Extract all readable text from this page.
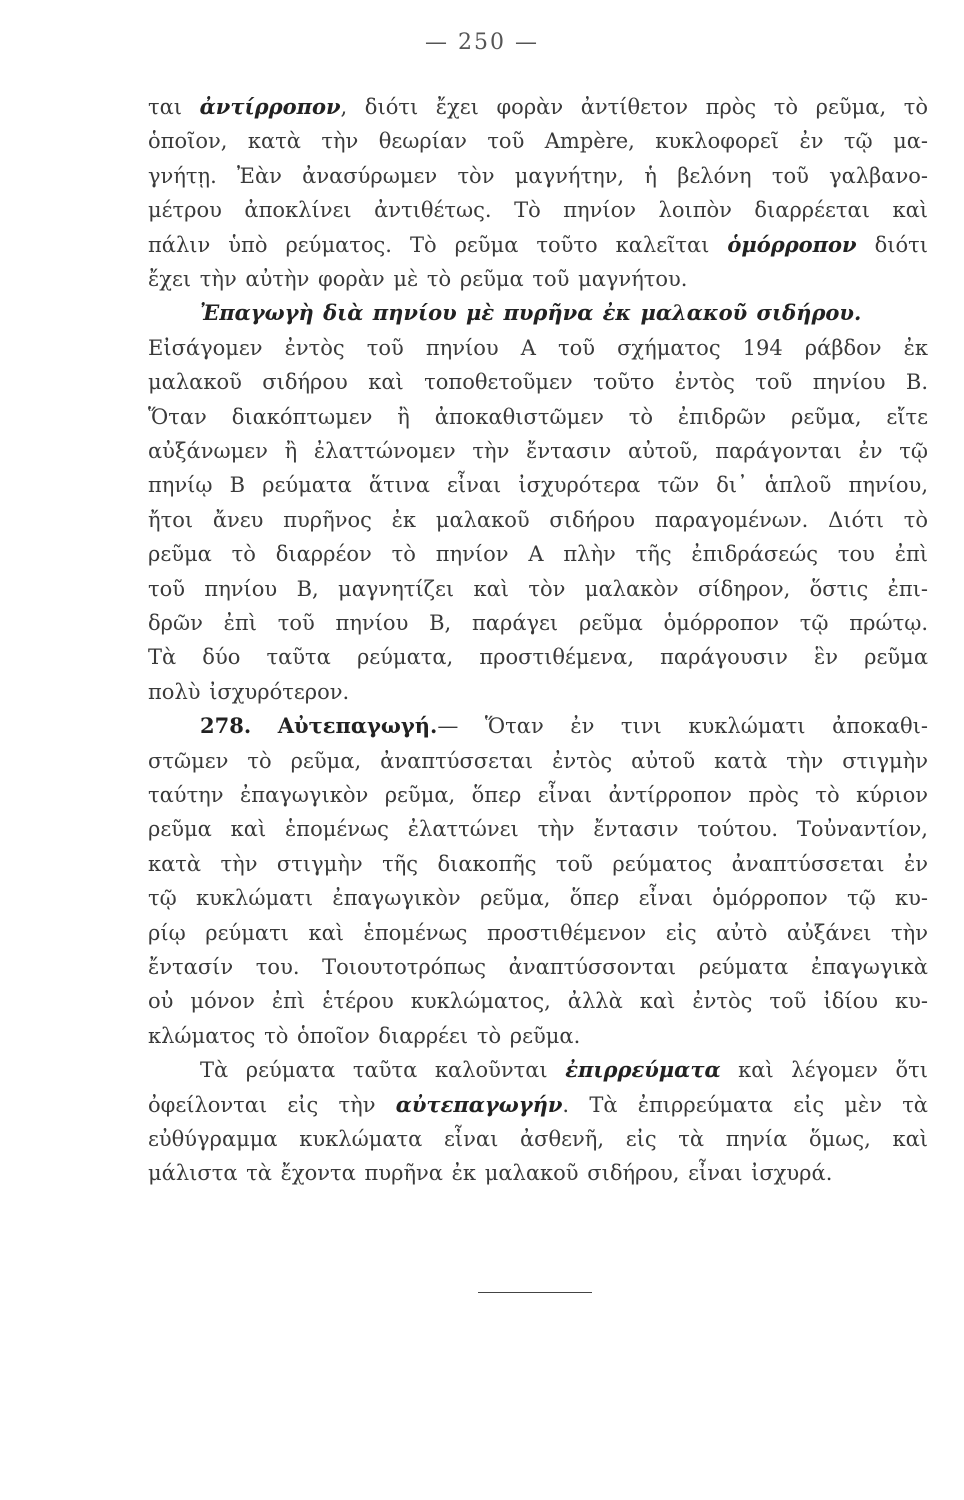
— 250 —
ται ἀντίρροπον, διότι ἔχει φορὰν ἀντίθετον πρὸς τὸ ρεῦμα, τὸ
ὁποῖον, κατὰ τὴν θεωρίαν τοῦ Ampère, κυκλοφορεῖ ἐν τῷ μα-
γνήτῃ. Ἐὰν ἀνασύρωμεν τὸν μαγνήτην, ἡ βελόνη τοῦ γαλβανο-
μέτρου ἀποκλίνει ἀντιθέτως. Τὸ πηνίον λοιπὸν διαρρέεται καὶ
πάλιν ὑπὸ ρεύματος. Τὸ ρεῦμα τοῦτο καλεῖται ὁμόρροπον διότι
ἔχει τὴν αὐτὴν φορὰν μὲ τὸ ρεῦμα τοῦ μαγνήτου.
Ἐπαγωγὴ διὰ πηνίου μὲ πυρῆνα ἐκ μαλακοῦ σιδήρου.
Εἰσάγομεν ἐντὸς τοῦ πηνίου Α τοῦ σχήματος 194 ράβδον ἐκ
μαλακοῦ σιδήρου καὶ τοποθετοῦμεν τοῦτο ἐντὸς τοῦ πηνίου Β.
Ὅταν διακόπτωμεν ἢ ἀποκαθιστῶμεν τὸ ἐπιδρῶν ρεῦμα, εἴτε
αὐξάνωμεν ἢ ἐλαττώνομεν τὴν ἔντασιν αὐτοῦ, παράγονται ἐν τῷ
πηνίῳ Β ρεύματα ἅτινα εἶναι ἰσχυρότερα τῶν δι᾿ ἁπλοῦ πηνίου,
ἤτοι ἄνευ πυρῆνος ἐκ μαλακοῦ σιδήρου παραγομένων. Διότι τὸ
ρεῦμα τὸ διαρρέον τὸ πηνίον Α πλὴν τῆς ἐπιδράσεώς του ἐπὶ
τοῦ πηνίου Β, μαγνητίζει καὶ τὸν μαλακὸν σίδηρον, ὅστις ἐπι-
δρῶν ἐπὶ τοῦ πηνίου Β, παράγει ρεῦμα ὁμόρροπον τῷ πρώτῳ.
Τὰ δύο ταῦτα ρεύματα, προστιθέμενα, παράγουσιν ἓν ρεῦμα
πολὺ ἰσχυρότερον.
278. Αὐτεπαγωγή.— Ὅταν ἐν τινι κυκλώματι ἀποκαθι-
στῶμεν τὸ ρεῦμα, ἀναπτύσσεται ἐντὸς αὐτοῦ κατὰ τὴν στιγμὴν
ταύτην ἐπαγωγικὸν ρεῦμα, ὅπερ εἶναι ἀντίρροπον πρὸς τὸ κύριον
ρεῦμα καὶ ἑπομένως ἐλαττώνει τὴν ἔντασιν τούτου. Τοὐναντίον,
κατὰ τὴν στιγμὴν τῆς διακοπῆς τοῦ ρεύματος ἀναπτύσσεται ἐν
τῷ κυκλώματι ἐπαγωγικὸν ρεῦμα, ὅπερ εἶναι ὁμόρροπον τῷ κυ-
ρίῳ ρεύματι καὶ ἑπομένως προστιθέμενον εἰς αὐτὸ αὐξάνει τὴν
ἔντασίν του. Τοιουτοτρόπως ἀναπτύσσονται ρεύματα ἐπαγωγικὰ
οὐ μόνον ἐπὶ ἑτέρου κυκλώματος, ἀλλὰ καὶ ἐντὸς τοῦ ἰδίου κυ-
κλώματος τὸ ὁποῖον διαρρέει τὸ ρεῦμα.
Τὰ ρεύματα ταῦτα καλοῦνται ἐπιρρεύματα καὶ λέγομεν ὅτι
ὀφείλονται εἰς τὴν αὐτεπαγωγήν. Τὰ ἐπιρρεύματα εἰς μὲν τὰ
εὐθύγραμμα κυκλώματα εἶναι ἀσθενῆ, εἰς τὰ πηνία ὅμως, καὶ
μάλιστα τὰ ἔχοντα πυρῆνα ἐκ μαλακοῦ σιδήρου, εἶναι ἰσχυρά.
